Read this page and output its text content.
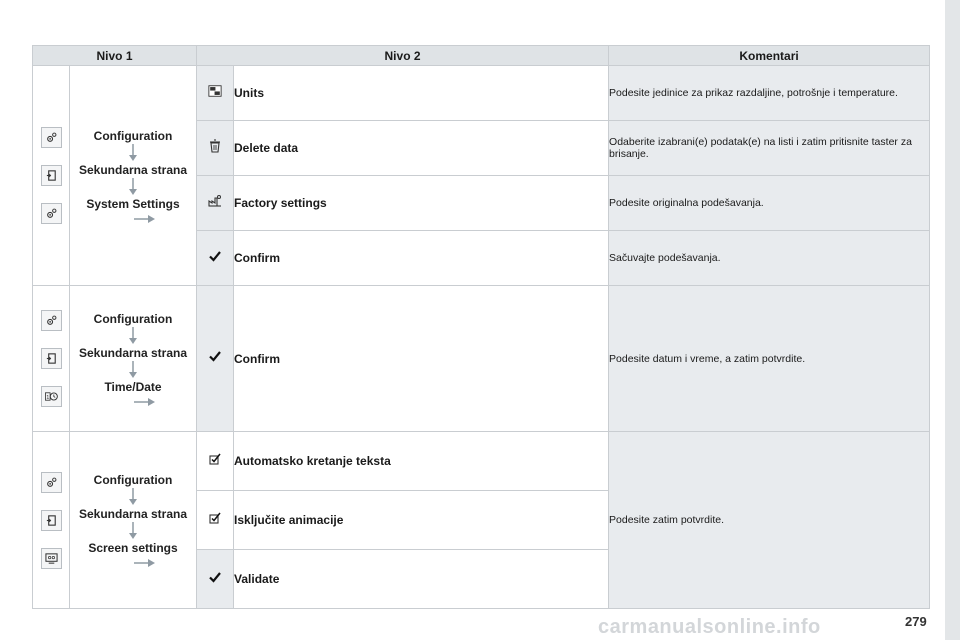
Nivo 1		Nivo 2		Komentari

Configuration
Sekundarna strana
System Settings		Units	Podesite jedinice za prikaz razdaljine, potrošnje i temperature.
	Delete data	Odaberite izabrani(e) podatak(e) na listi i zatim pritisnite taster za brisanje.
	Factory settings	Podesite originalna podešavanja.
	Confirm	Sačuvajte podešavanja.

1	Configuration
Sekundarna strana
Time/Date		Confirm	Podesite datum i vreme, a zatim potvrdite.

Configuration
Sekundarna strana
Screen settings		Automatsko kretanje teksta	Podesite zatim potvrdite.
	Isključite animacije	
	Validate	
carmanualsonline.info	279
